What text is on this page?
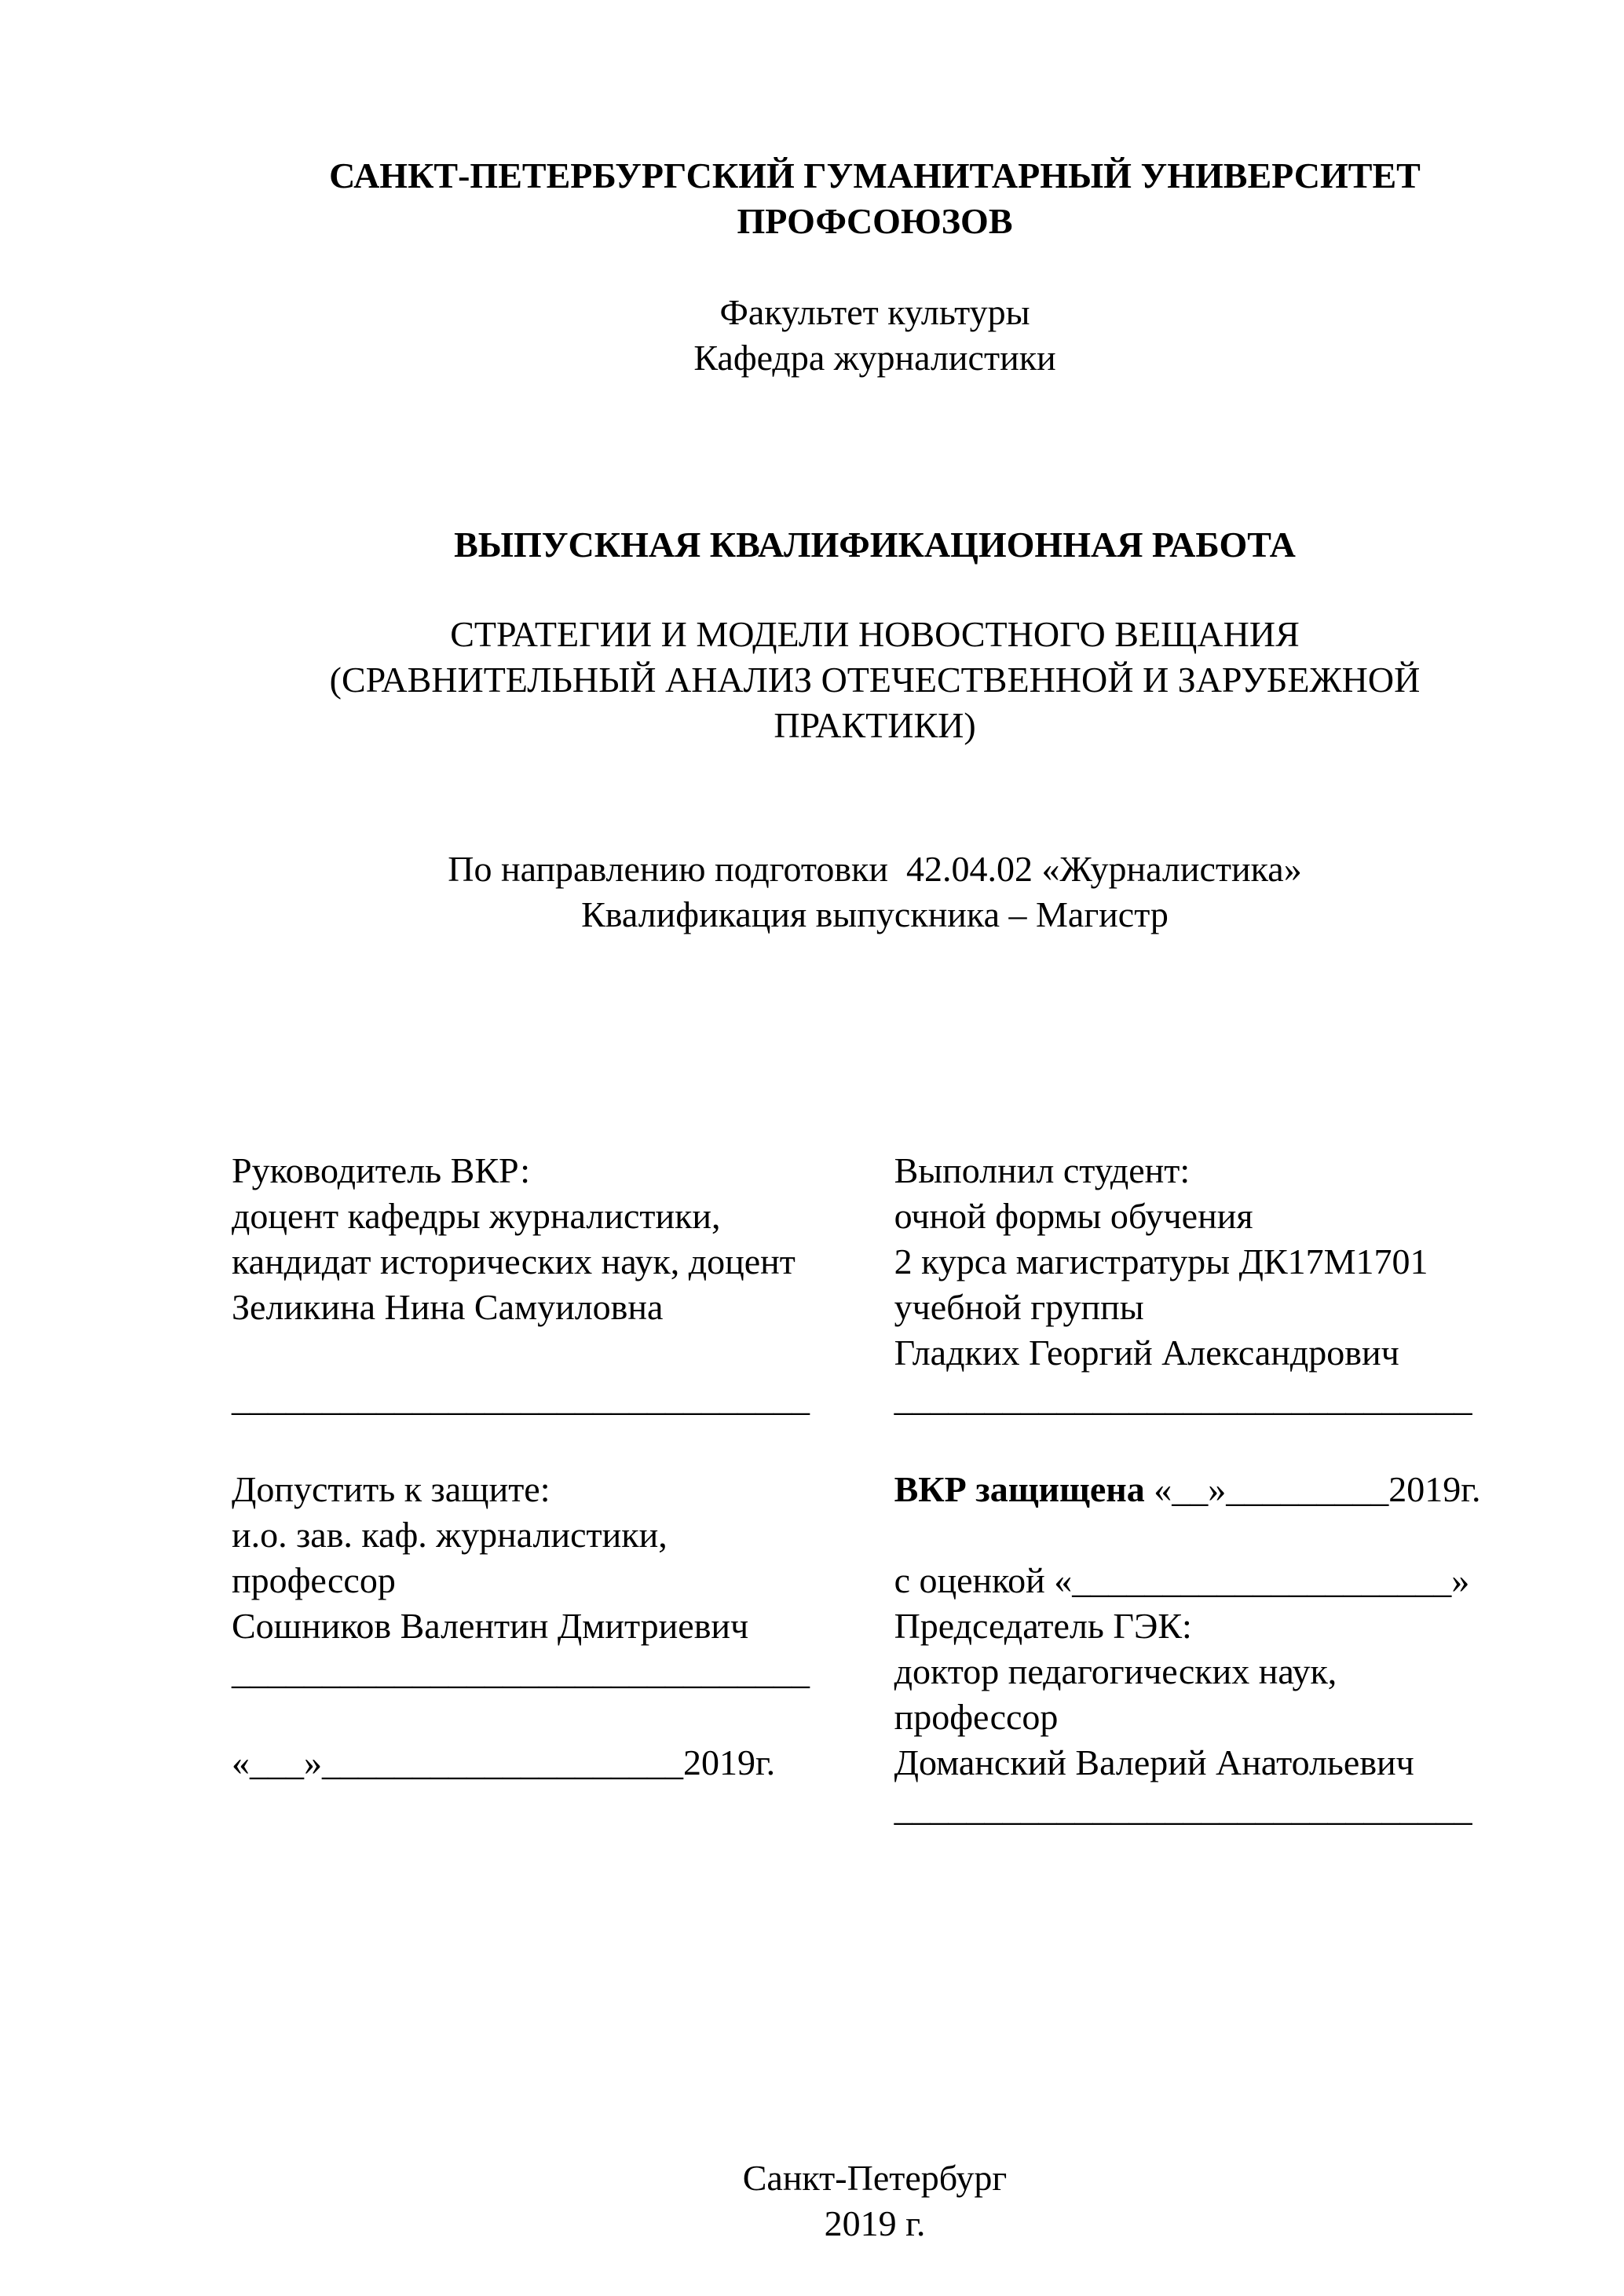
САНКТ-ПЕТЕРБУРГСКИЙ ГУМАНИТАРНЫЙ УНИВЕРСИТЕТ
ПРОФСОЮЗОВ
Факультет культуры
Кафедра журналистики
ВЫПУСКНАЯ КВАЛИФИКАЦИОННАЯ РАБОТА
СТРАТЕГИИ И МОДЕЛИ НОВОСТНОГО ВЕЩАНИЯ
(СРАВНИТЕЛЬНЫЙ АНАЛИЗ ОТЕЧЕСТВЕННОЙ И ЗАРУБЕЖНОЙ
ПРАКТИКИ)
По направлению подготовки  42.04.02 «Журналистика»
Квалификация выпускника – Магистр
Руководитель ВКР:
доцент кафедры журналистики,
кандидат исторических наук, доцент
Зеликина Нина Самуиловна
________________________________
Допустить к защите:
и.о. зав. каф. журналистики,
профессор
Сошников Валентин Дмитриевич
________________________________
«___»____________________2019г.
Выполнил студент:
очной формы обучения
2 курса магистратуры ДК17М1701
учебной группы
Гладких Георгий Александрович
________________________________
ВКР защищена «__»_________2019г.
с оценкой «_____________________»
Председатель ГЭК:
доктор педагогических наук,
профессор
Доманский Валерий Анатольевич
________________________________
Санкт-Петербург
2019 г.
